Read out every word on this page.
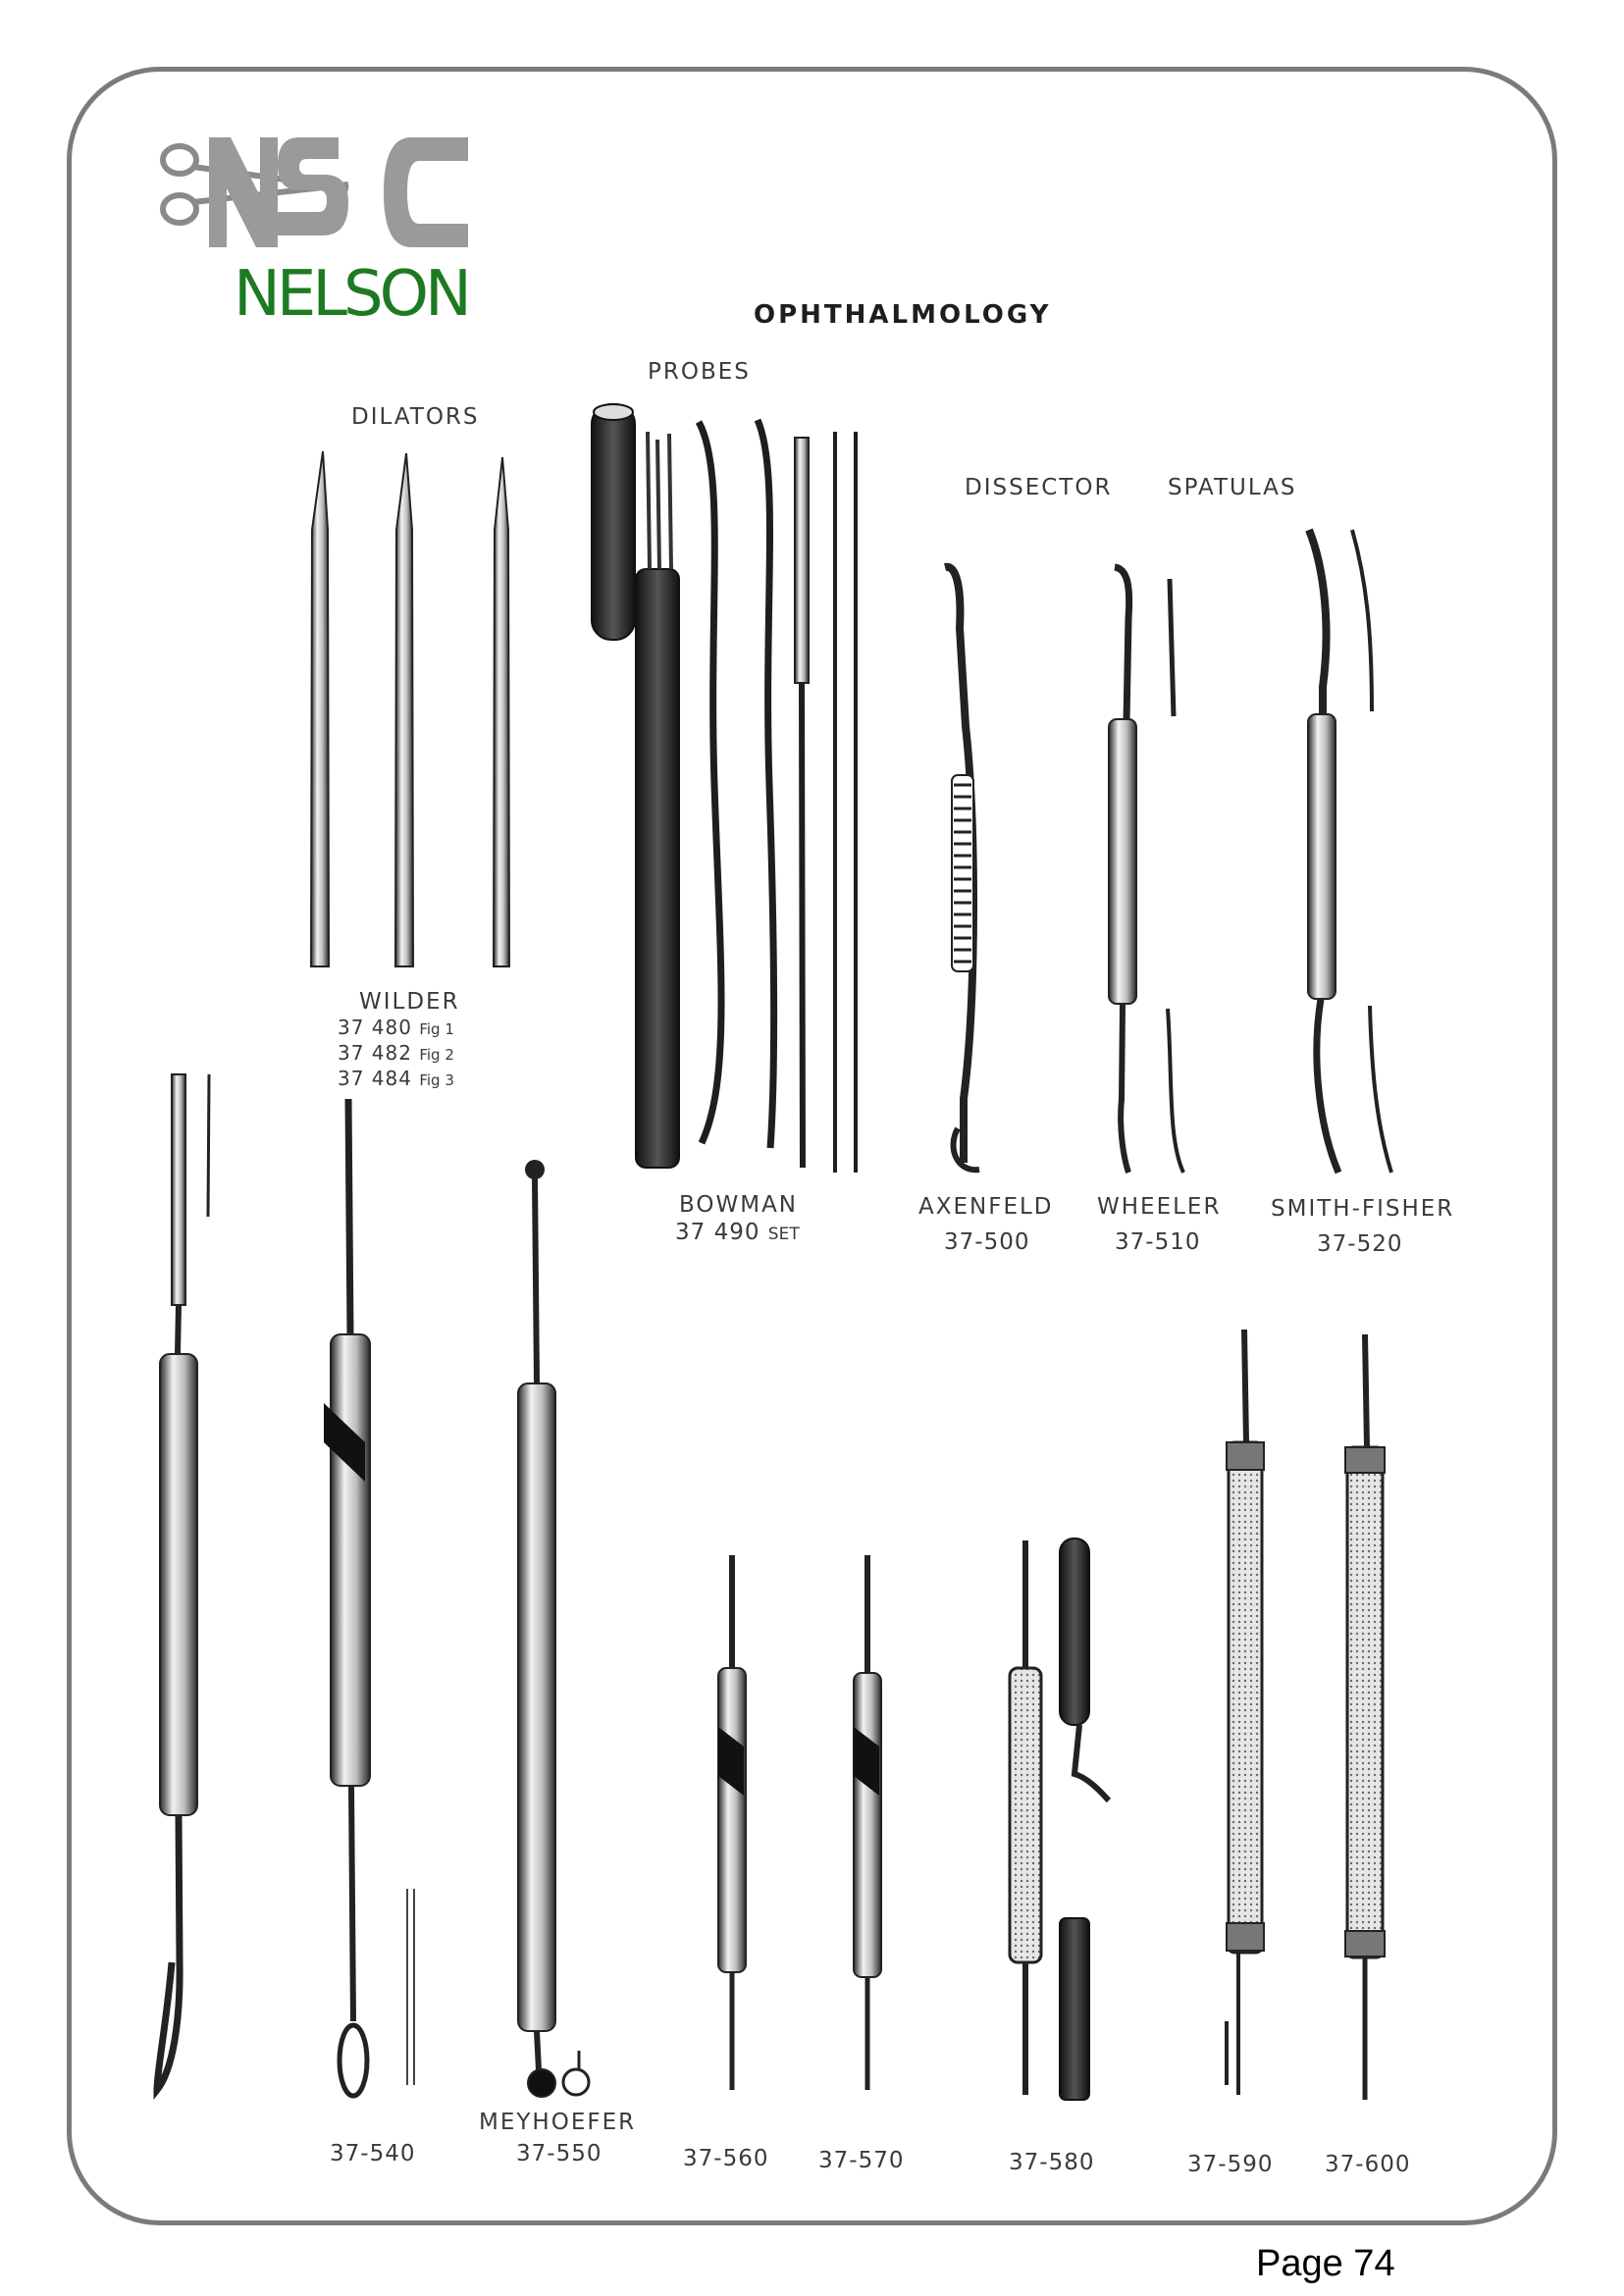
NELSON	OPHTHALMOLOGY
PROBES
DILATORS
DISSECTOR SPATULAS
WILDER
37 480 Fig 1
37 482 Fig 2
37 484 Fig 3
BOWMAN
37 490 SET
AXENFELD
37-500
WHEELER
37-510
SMITH-FISHER
37-520
MEYHOEFER
37-540	37-550	37-560 37-570	37-580	37-590 37-600
Page 74
